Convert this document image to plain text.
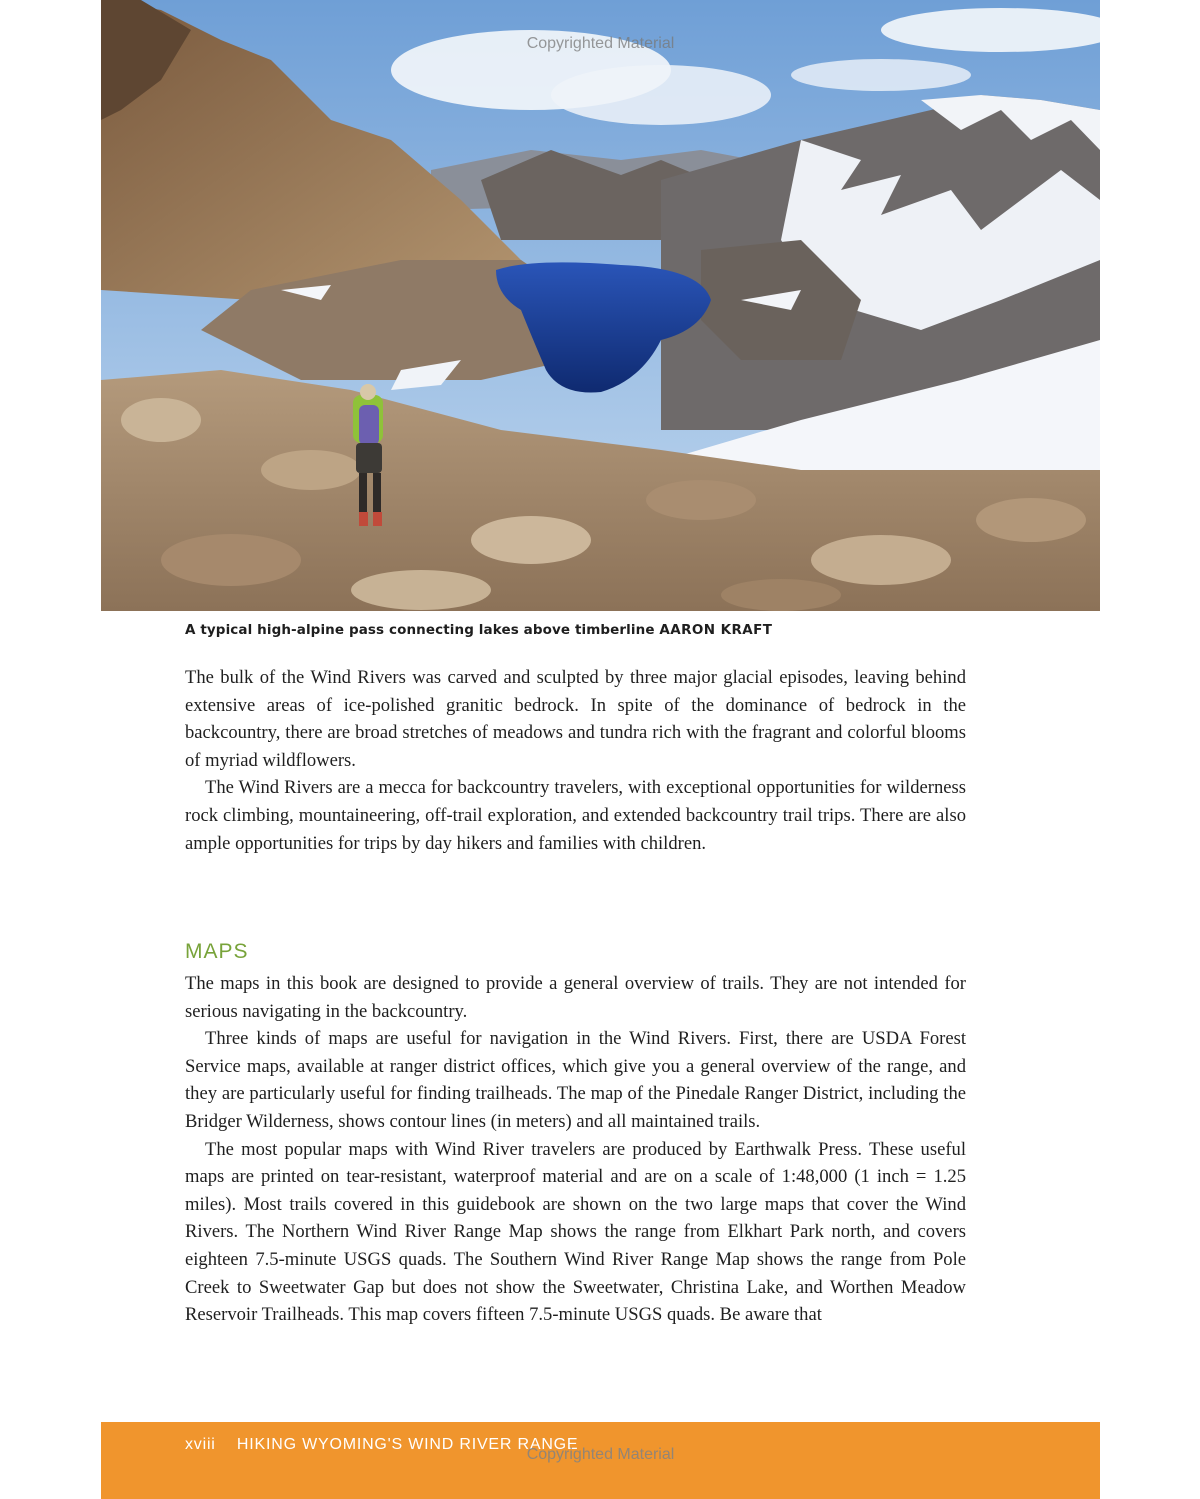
Copyrighted Material
A typical high-alpine pass connecting lakes above timberline AARON KRAFT

The bulk of the Wind Rivers was carved and sculpted by three major glacial episodes, leaving behind extensive areas of ice-polished granitic bedrock. In spite of the dominance of bedrock in the backcountry, there are broad stretches of meadows and tundra rich with the fragrant and colorful blooms of myriad wildflowers.

The Wind Rivers are a mecca for backcountry travelers, with exceptional opportunities for wilderness rock climbing, mountaineering, off-trail exploration, and extended backcountry trail trips. There are also ample opportunities for trips by day hikers and families with children.

MAPS

The maps in this book are designed to provide a general overview of trails. They are not intended for serious navigating in the backcountry.

Three kinds of maps are useful for navigation in the Wind Rivers. First, there are USDA Forest Service maps, available at ranger district offices, which give you a general overview of the range, and they are particularly useful for finding trailheads. The map of the Pinedale Ranger District, including the Bridger Wilderness, shows contour lines (in meters) and all maintained trails.

The most popular maps with Wind River travelers are produced by Earthwalk Press. These useful maps are printed on tear-resistant, waterproof material and are on a scale of 1:48,000 (1 inch = 1.25 miles). Most trails covered in this guidebook are shown on the two large maps that cover the Wind Rivers. The Northern Wind River Range Map shows the range from Elkhart Park north, and covers eighteen 7.5-minute USGS quads. The Southern Wind River Range Map shows the range from Pole Creek to Sweetwater Gap but does not show the Sweetwater, Christina Lake, and Worthen Meadow Reservoir Trailheads. This map covers fifteen 7.5-minute USGS quads. Be aware that

xviii HIKING WYOMING'S WIND RIVER RANGE
Copyrighted Material
